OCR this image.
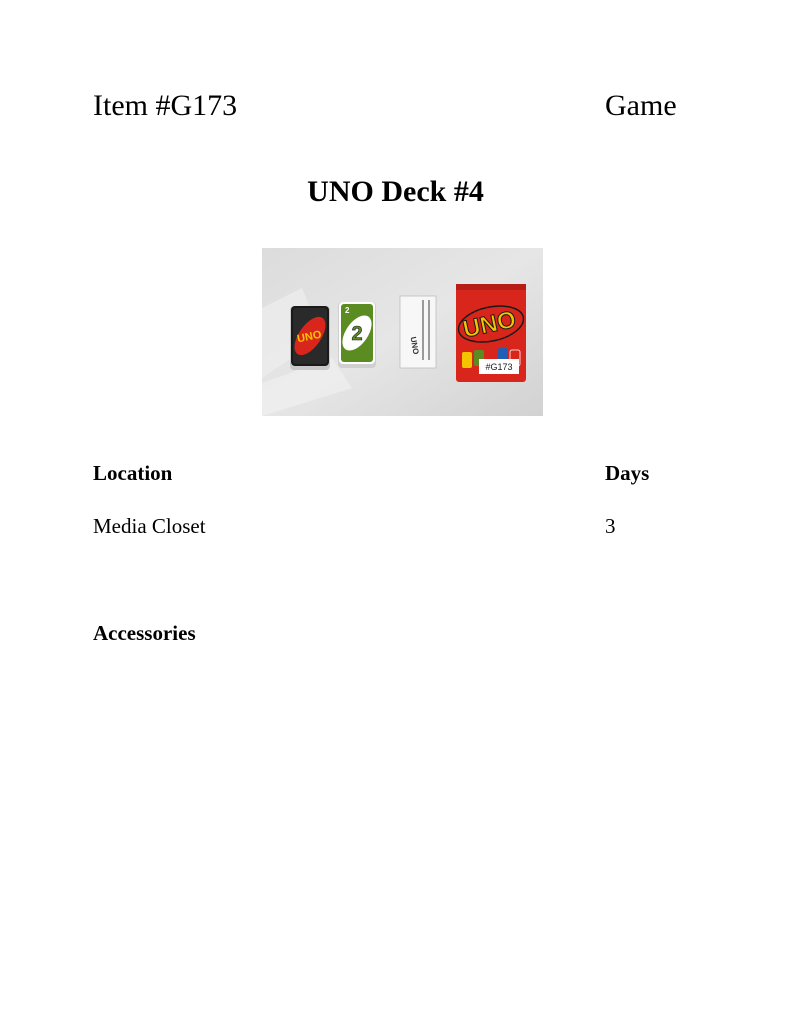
Item #G173	Game
UNO Deck #4
UNO 2
2
UNO
UNO
#G173
Location	Days
Media Closet	3
Accessories
